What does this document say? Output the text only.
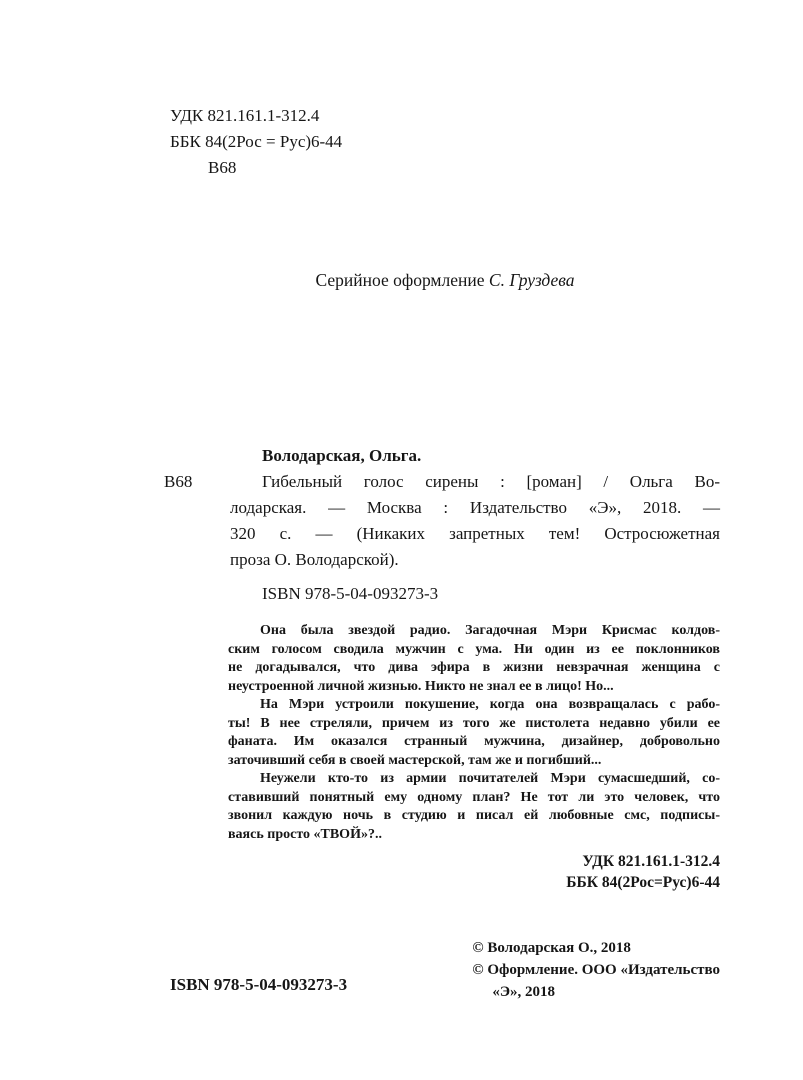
УДК 821.161.1-312.4
ББК 84(2Рос = Рус)6-44
В68
Серийное оформление С. Груздева
В68
Володарская, Ольга.
Гибельный голос сирены : [роман] / Ольга Во-
лодарская. — Москва : Издательство «Э», 2018. —
320 с. — (Никаких запретных тем! Остросюжетная
проза О. Володарской).
ISBN 978-5-04-093273-3
Она была звездой радио. Загадочная Мэри Крисмас колдов-
ским голосом сводила мужчин с ума. Ни один из ее поклонников
не догадывался, что дива эфира в жизни невзрачная женщина с
неустроенной личной жизнью. Никто не знал ее в лицо! Но...
На Мэри устроили покушение, когда она возвращалась с рабо-
ты! В нее стреляли, причем из того же пистолета недавно убили ее
фаната. Им оказался странный мужчина, дизайнер, добровольно
заточивший себя в своей мастерской, там же и погибший...
Неужели кто-то из армии почитателей Мэри сумасшедший, со-
ставивший понятный ему одному план? Не тот ли это человек, что
звонил каждую ночь в студию и писал ей любовные смс, подписы-
ваясь просто «ТВОЙ»?..
УДК 821.161.1-312.4
ББК 84(2Рос=Рус)6-44
ISBN 978-5-04-093273-3
© Володарская О., 2018
© Оформление. ООО «Издательство
«Э», 2018
